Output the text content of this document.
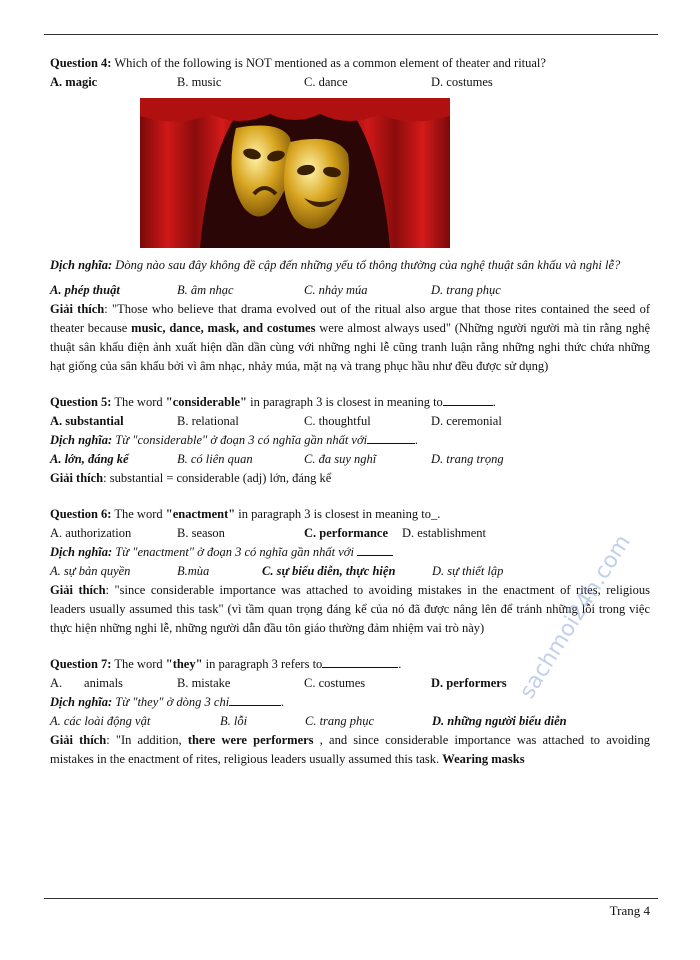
Question 4: Which of the following is NOT mentioned as a common element of theater and ritual?
A. magic	B. music	C. dance	D. costumes
Dịch nghĩa: Dòng nào sau đây không đề cập đến những yếu tố thông thường của nghệ thuật sân khấu và nghi lễ?
A. phép thuật	B. âm nhạc	C. nhảy múa	D. trang phục
Giải thích: "Those who believe that drama evolved out of the ritual also argue that those rites contained the seed of theater because music, dance, mask, and costumes were almost always used" (Những người người mà tin rằng nghệ thuật sân khấu điện ảnh xuất hiện dần dần cùng với những nghi lễ cũng tranh luận rằng những nghi thức chứa những hạt giống của sân khấu bởi vì âm nhạc, nhảy múa, mặt nạ và trang phục hầu như đều được sử dụng)
Question 5: The word "considerable" in paragraph 3 is closest in meaning to	.
A. substantial	B. relational	C. thoughtful	D. ceremonial
Dịch nghĩa: Từ "considerable" ở đoạn 3 có nghĩa gần nhất với	.
A. lớn, đáng kể	B. có liên quan	C. đa suy nghĩ	D. trang trọng
Giải thích: substantial = considerable (adj) lớn, đáng kể
Question 6: The word "enactment" in paragraph 3 is closest in meaning to_.
A. authorization	B. season	C. performance	D. establishment
Dịch nghĩa: Từ "enactment" ở đoạn 3 có nghĩa gần nhất với
A. sự bản quyền	B.mùa	C. sự biểu diễn, thực hiện	D. sự thiết lập
Giải thích: "since considerable importance was attached to avoiding mistakes in the enactment of rites, religious leaders usually assumed this task" (vì tầm quan trọng đáng kể của nó đã được nâng lên để tránh những lỗi trong việc thực hiện những nghi lễ, những người dẫn đầu tôn giáo thường đảm nhiệm vai trò này)
Question 7: The word "they" in paragraph 3 refers to	.
A.       animals	B. mistake	C. costumes	D. performers
Dịch nghĩa: Từ "they" ở dòng 3 chỉ	.
A. các loài động vật	B. lỗi	C. trang phục	D. những người biểu diễn
Giải thích: "In addition, there were performers , and since considerable importance was attached to avoiding mistakes in the enactment of rites, religious leaders usually assumed this task. Wearing masks
Trang 4
sachmoi24h.com
